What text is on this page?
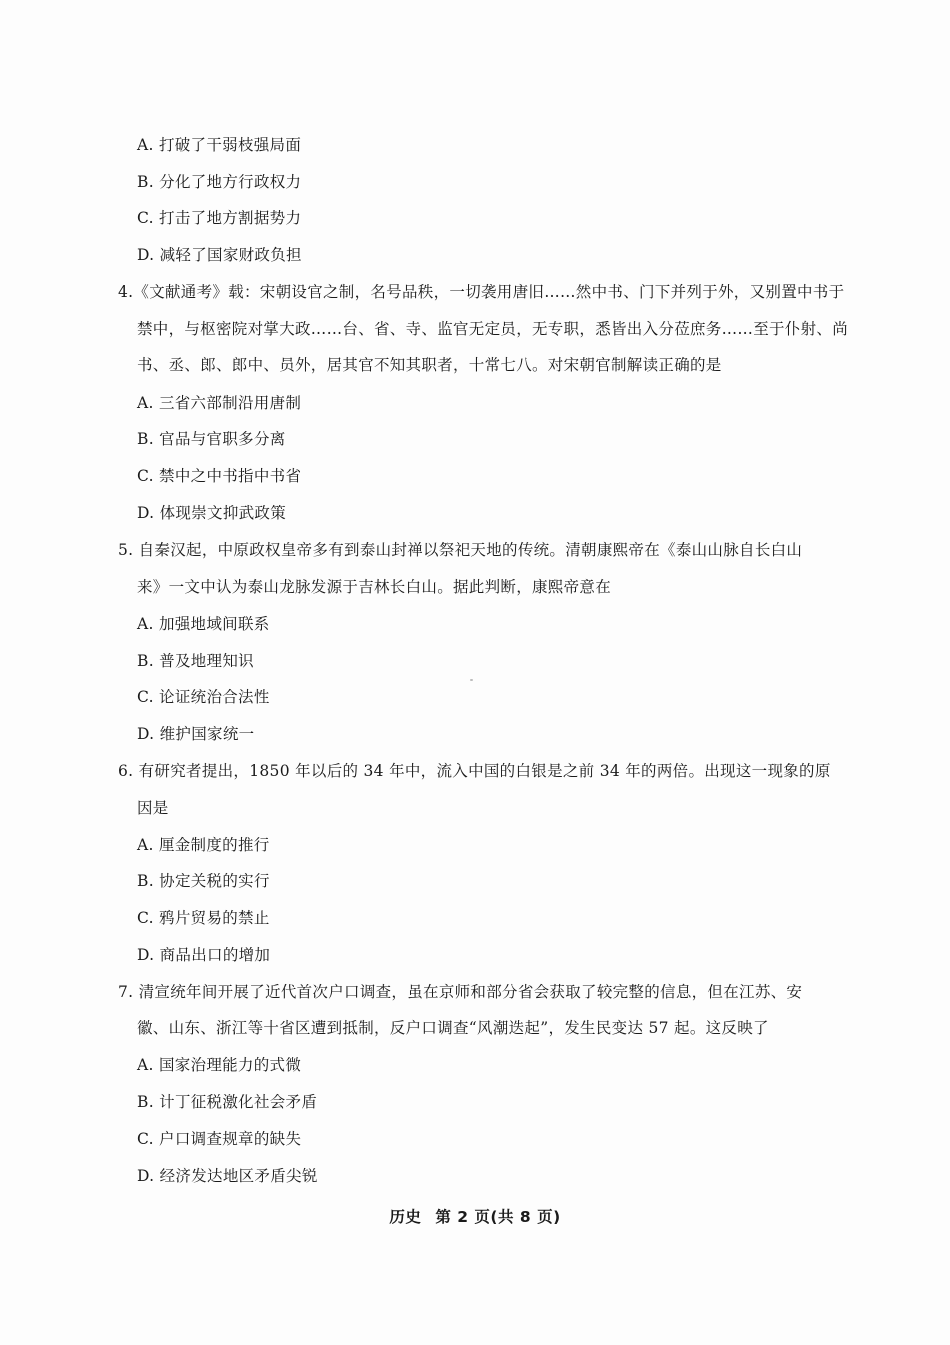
A. 打破了干弱枝强局面
B. 分化了地方行政权力
C. 打击了地方割据势力
D. 减轻了国家财政负担
4.《文献通考》载：宋朝设官之制，名号品秩，一切袭用唐旧……然中书、门下并列于外，又别置中书于
禁中，与枢密院对掌大政……台、省、寺、监官无定员，无专职，悉皆出入分莅庶务……至于仆射、尚
书、丞、郎、郎中、员外，居其官不知其职者，十常七八。对宋朝官制解读正确的是
A. 三省六部制沿用唐制
B. 官品与官职多分离
C. 禁中之中书指中书省
D. 体现崇文抑武政策
5. 自秦汉起，中原政权皇帝多有到泰山封禅以祭祀天地的传统。清朝康熙帝在《泰山山脉自长白山
来》一文中认为泰山龙脉发源于吉林长白山。据此判断，康熙帝意在
A. 加强地域间联系
B. 普及地理知识
C. 论证统治合法性
D. 维护国家统一
6. 有研究者提出，1850 年以后的 34 年中，流入中国的白银是之前 34 年的两倍。出现这一现象的原
因是
A. 厘金制度的推行
B. 协定关税的实行
C. 鸦片贸易的禁止
D. 商品出口的增加
7. 清宣统年间开展了近代首次户口调查，虽在京师和部分省会获取了较完整的信息，但在江苏、安
徽、山东、浙江等十省区遭到抵制，反户口调查“风潮迭起”，发生民变达 57 起。这反映了
A. 国家治理能力的式微
B. 计丁征税激化社会矛盾
C. 户口调查规章的缺失
D. 经济发达地区矛盾尖锐
历史 第 2 页(共 8 页)
